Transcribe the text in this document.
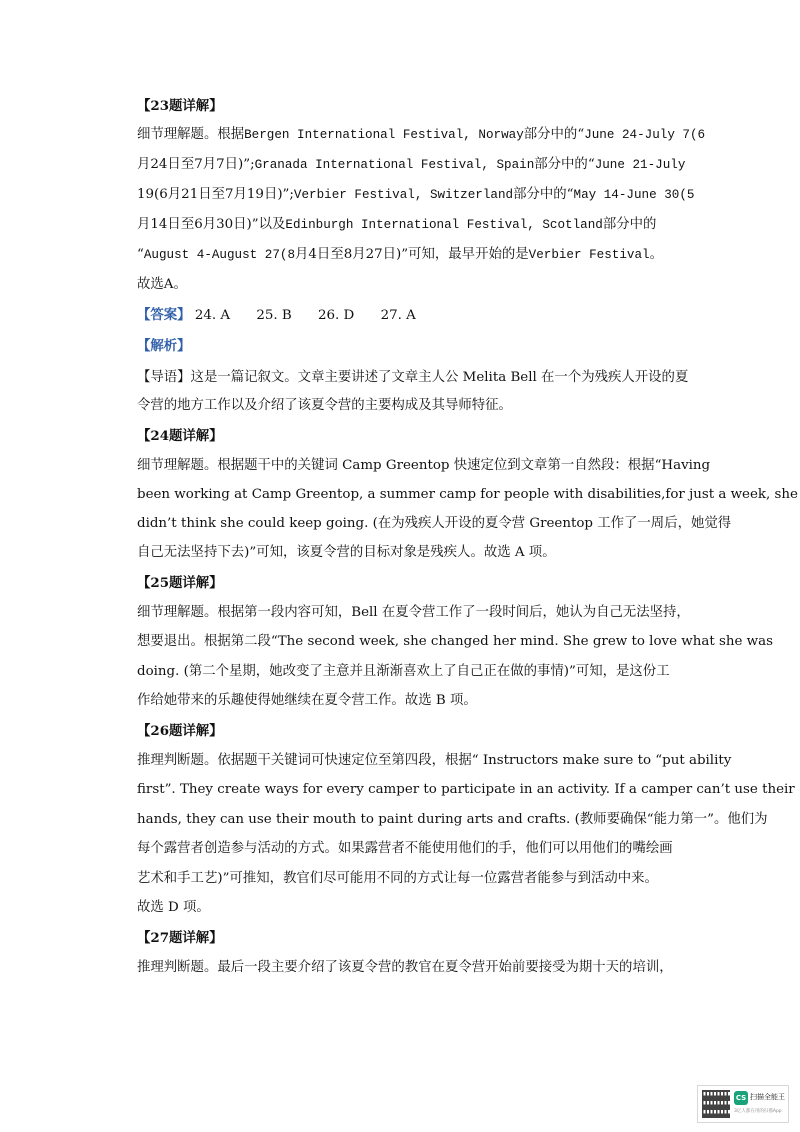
【23题详解】
细节理解题。根据Bergen International Festival, Norway部分中的“June 24-July 7(6
月24日至7月7日)”;Granada International Festival, Spain部分中的“June 21-July
19(6月21日至7月19日)”;Verbier Festival, Switzerland部分中的“May 14-June 30(5
月14日至6月30日)”以及Edinburgh International Festival, Scotland部分中的
“August 4-August 27(8月4日至8月27日)”可知，最早开始的是Verbier Festival。
故选A。
【答案】 24. A 25. B 26. D 27. A
【解析】
【导语】这是一篇记叙文。文章主要讲述了文章主人公 Melita Bell 在一个为残疾人开设的夏
令营的地方工作以及介绍了该夏令营的主要构成及其导师特征。
【24题详解】
细节理解题。根据题干中的关键词 Camp Greentop 快速定位到文章第一自然段：根据“Having
been working at Camp Greentop, a summer camp for people with disabilities,for just a week, she
didn’t think she could keep going. (在为残疾人开设的夏令营 Greentop 工作了一周后，她觉得
自己无法坚持下去)”可知，该夏令营的目标对象是残疾人。故选 A 项。
【25题详解】
细节理解题。根据第一段内容可知，Bell 在夏令营工作了一段时间后，她认为自己无法坚持，
想要退出。根据第二段“The second week, she changed her mind. She grew to love what she was
doing. (第二个星期，她改变了主意并且渐渐喜欢上了自己正在做的事情)”可知，是这份工
作给她带来的乐趣使得她继续在夏令营工作。故选 B 项。
【26题详解】
推理判断题。依据题干关键词可快速定位至第四段，根据“ Instructors make sure to “put ability
first”. They create ways for every camper to participate in an activity. If a camper can’t use their
hands, they can use their mouth to paint during arts and crafts. (教师要确保“能力第一”。他们为
每个露营者创造参与活动的方式。如果露营者不能使用他们的手，他们可以用他们的嘴绘画
艺术和手工艺)”可推知，教官们尽可能用不同的方式让每一位露营者能参与到活动中来。
故选 D 项。
【27题详解】
推理判断题。最后一段主要介绍了该夏令营的教官在夏令营开始前要接受为期十天的培训，
CS 扫描全能王
3亿人都在用的扫描App
